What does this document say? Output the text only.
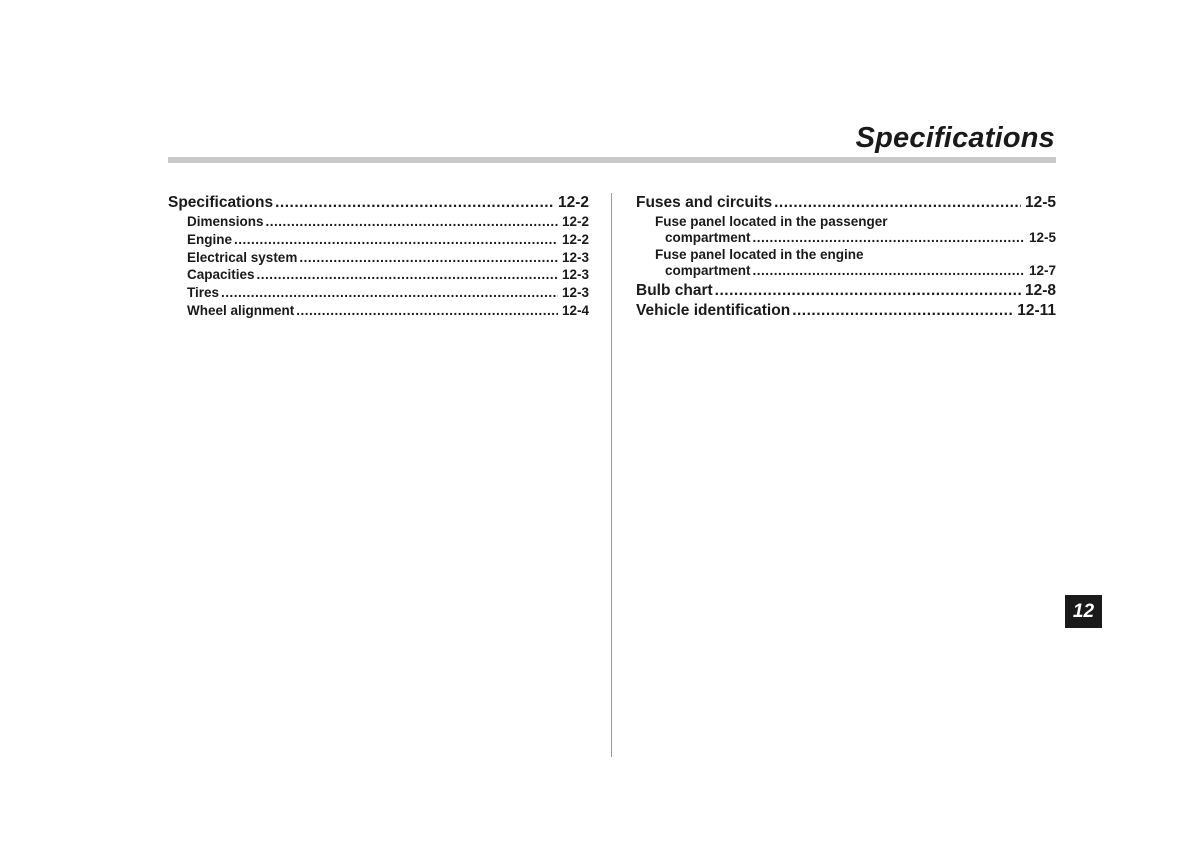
Specifications
Specifications .....	12-2
Dimensions .....	12-2
Engine .....	12-2
Electrical system .....	12-3
Capacities .....	12-3
Tires .....	12-3
Wheel alignment .....	12-4
Fuses and circuits .....	12-5
Fuse panel located in the passenger
compartment .....	12-5
Fuse panel located in the engine
compartment .....	12-7
Bulb chart .....	12-8
Vehicle identification .....	12-11
12
